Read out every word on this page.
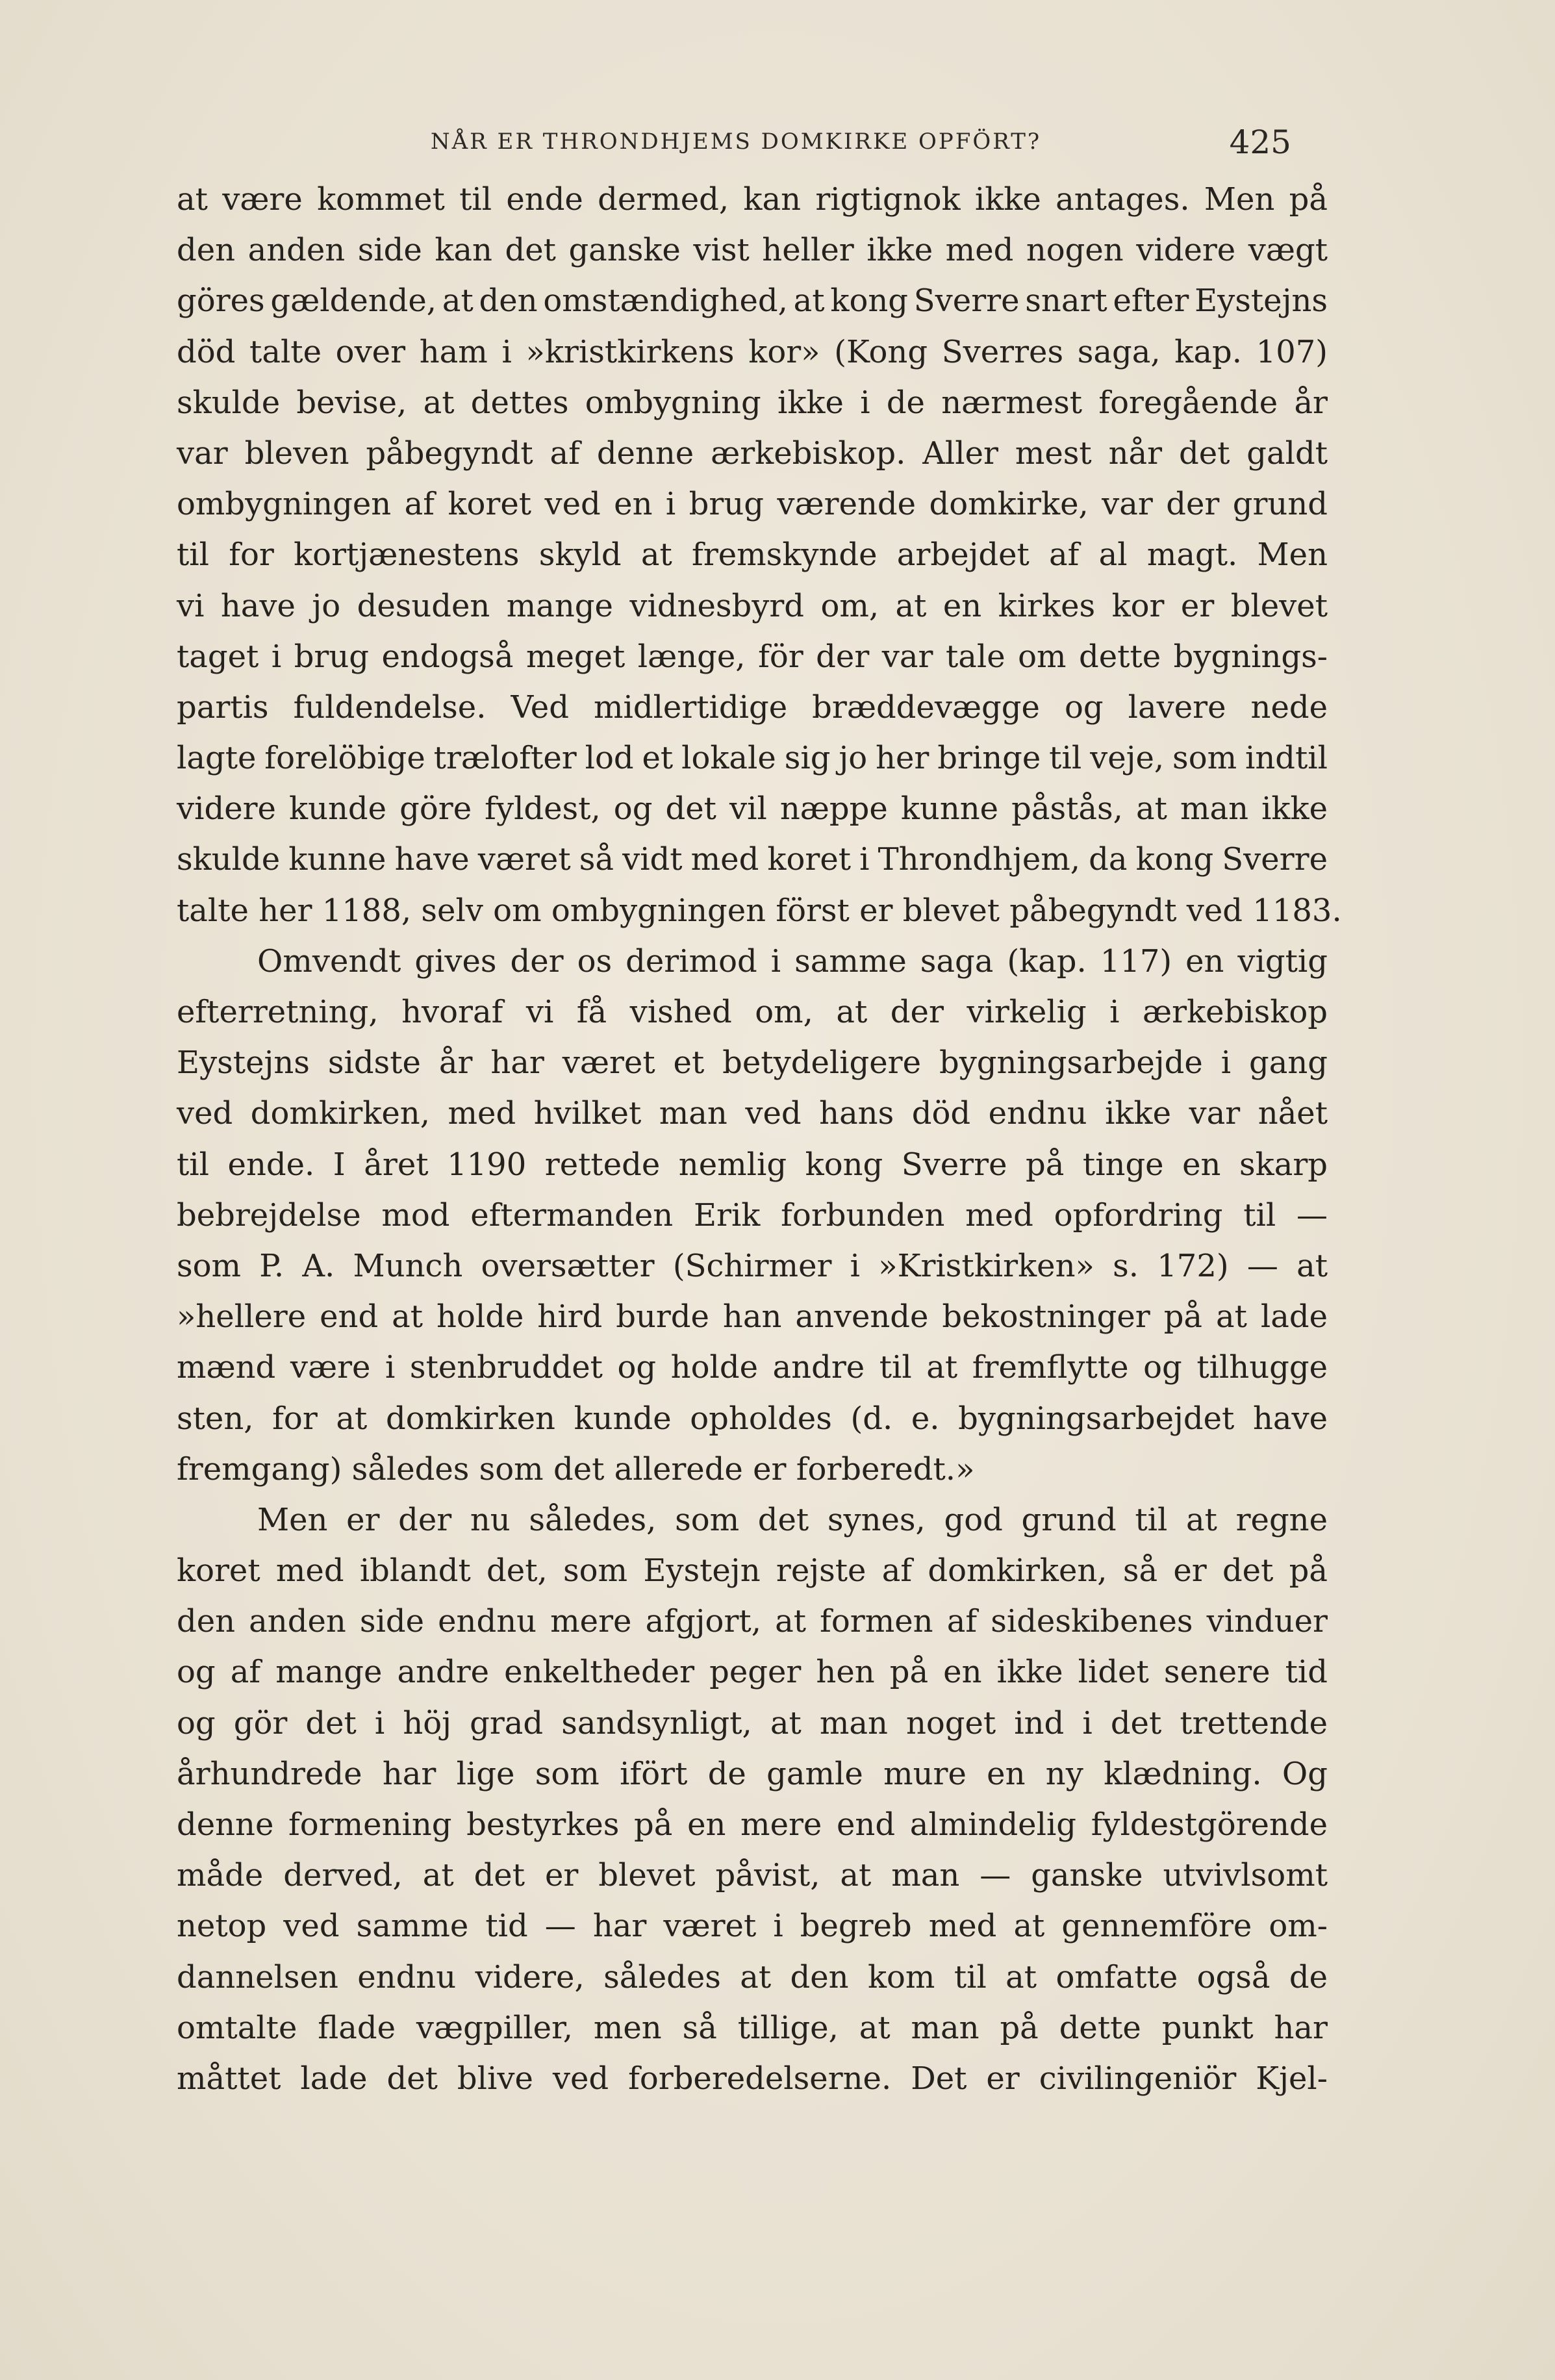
NÅR ER THRONDHJEMS DOMKIRKE OPFÖRT?	425
at være kommet til ende dermed, kan rigtignok ikke antages. Men på
den anden side kan det ganske vist heller ikke med nogen videre vægt
göres gældende, at den omstændighed, at kong Sverre snart efter Eystejns
död talte over ham i »kristkirkens kor» (Kong Sverres saga, kap. 107)
skulde bevise, at dettes ombygning ikke i de nærmest foregående år
var bleven påbegyndt af denne ærkebiskop. Aller mest når det galdt
ombygningen af koret ved en i brug værende domkirke, var der grund
til for kortjænestens skyld at fremskynde arbejdet af al magt. Men
vi have jo desuden mange vidnesbyrd om, at en kirkes kor er blevet
taget i brug endogså meget længe, för der var tale om dette bygnings-
partis fuldendelse. Ved midlertidige bræddevægge og lavere nede
lagte forelöbige trælofter lod et lokale sig jo her bringe til veje, som indtil
videre kunde göre fyldest, og det vil næppe kunne påstås, at man ikke
skulde kunne have været så vidt med koret i Throndhjem, da kong Sverre
talte her 1188, selv om ombygningen först er blevet påbegyndt ved 1183.
Omvendt gives der os derimod i samme saga (kap. 117) en vigtig
efterretning, hvoraf vi få vished om, at der virkelig i ærkebiskop
Eystejns sidste år har været et betydeligere bygningsarbejde i gang
ved domkirken, med hvilket man ved hans död endnu ikke var nået
til ende. I året 1190 rettede nemlig kong Sverre på tinge en skarp
bebrejdelse mod eftermanden Erik forbunden med opfordring til —
som P. A. Munch oversætter (Schirmer i »Kristkirken» s. 172) — at
»hellere end at holde hird burde han anvende bekostninger på at lade
mænd være i stenbruddet og holde andre til at fremflytte og tilhugge
sten, for at domkirken kunde opholdes (d. e. bygningsarbejdet have
fremgang) således som det allerede er forberedt.»
Men er der nu således, som det synes, god grund til at regne
koret med iblandt det, som Eystejn rejste af domkirken, så er det på
den anden side endnu mere afgjort, at formen af sideskibenes vinduer
og af mange andre enkeltheder peger hen på en ikke lidet senere tid
og gör det i höj grad sandsynligt, at man noget ind i det trettende
århundrede har lige som ifört de gamle mure en ny klædning. Og
denne formening bestyrkes på en mere end almindelig fyldestgörende
måde derved, at det er blevet påvist, at man — ganske utvivlsomt
netop ved samme tid — har været i begreb med at gennemföre om-
dannelsen endnu videre, således at den kom til at omfatte også de
omtalte flade vægpiller, men så tillige, at man på dette punkt har
måttet lade det blive ved forberedelserne. Det er civilingeniör Kjel-
